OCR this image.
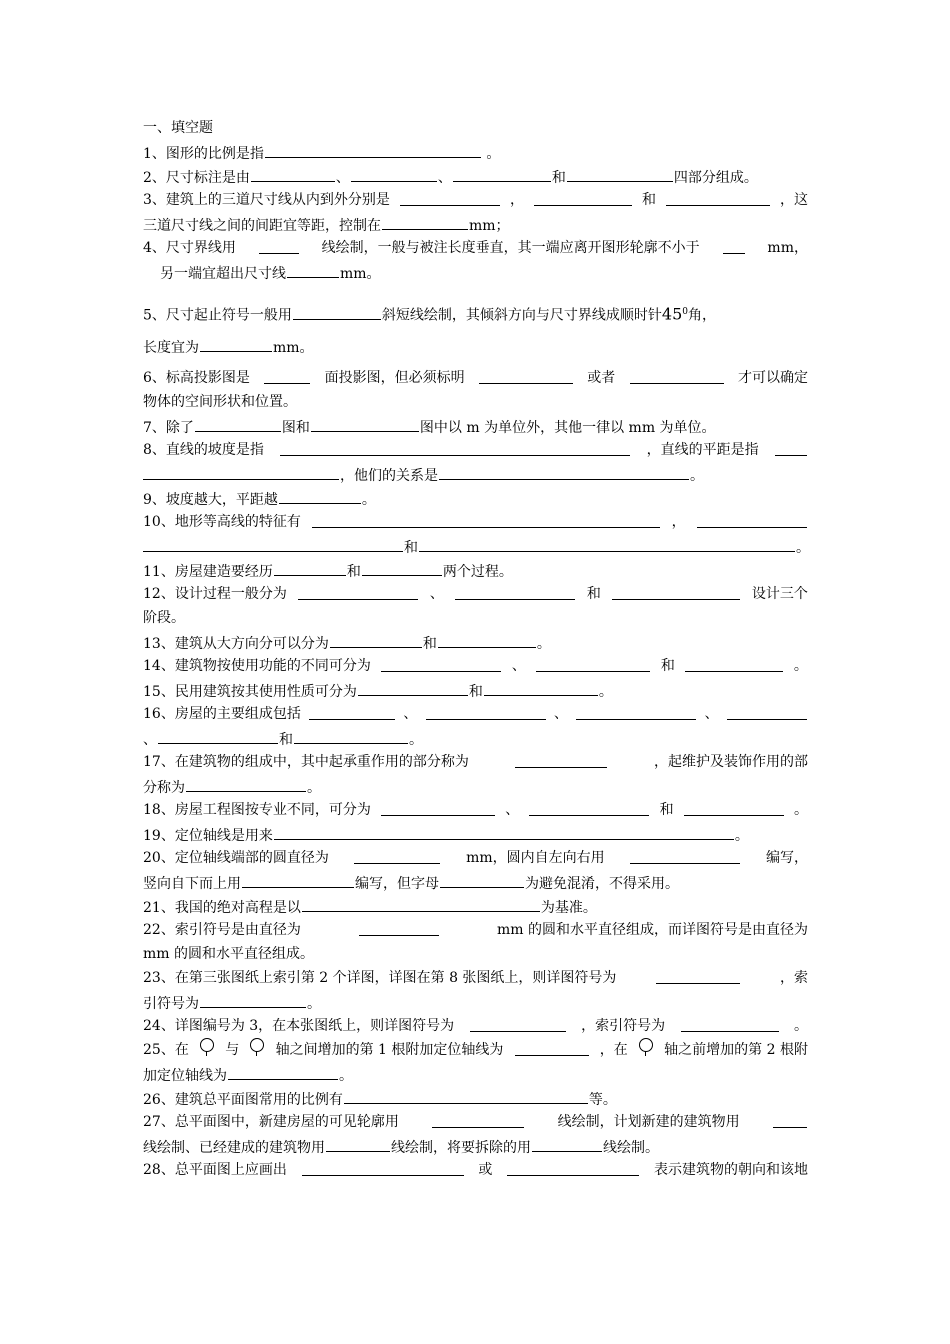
一、填空题
1、图形的比例是指	。
2、尺寸标注是由	、	、	和	四部分组成。
3、建筑上的三道尺寸线从内到外分别是	，	和	，这
三道尺寸线之间的间距宜等距，控制在	mm；
4、尺寸界线用	线绘制，一般与被注长度垂直，其一端应离开图形轮廓不小于	mm，
另一端宜超出尺寸线	mm。
5、尺寸起止符号一般用	斜短线绘制，其倾斜方向与尺寸界线成顺时针$45^0$角，
长度宜为	mm。
6、标高投影图是	面投影图，但必须标明	或者	才可以确定
物体的空间形状和位置。
7、除了	图和	图中以 m 为单位外，其他一律以 mm 为单位。
8、直线的坡度是指	，直线的平距是指
，他们的关系是	。
9、坡度越大，平距越	。
10、地形等高线的特征有	，
和	。
11、房屋建造要经历	和	两个过程。
12、设计过程一般分为	、	和	设计三个
阶段。
13、建筑从大方向分可以分为	和	。
14、建筑物按使用功能的不同可分为	、	和	。
15、民用建筑按其使用性质可分为	和	。
16、房屋的主要组成包括	、	、	、
、	和	。
17、在建筑物的组成中，其中起承重作用的部分称为	，起维护及装饰作用的部
分称为	。
18、房屋工程图按专业不同，可分为	、	和	。
19、定位轴线是用来	。
20、定位轴线端部的圆直径为	mm，圆内自左向右用	编写，
竖向自下而上用	编写，但字母	为避免混淆，不得采用。
21、我国的绝对高程是以	为基准。
22、索引符号是由直径为	mm 的圆和水平直径组成，而详图符号是由直径为
mm 的圆和水平直径组成。
23、在第三张图纸上索引第 2 个详图，详图在第 8 张图纸上，则详图符号为	，索
引符号为	。
24、详图编号为 3，在本张图纸上，则详图符号为	，索引符号为	。
25、在	与	轴之间增加的第 1 根附加定位轴线为	，在	轴之前增加的第 2 根附
加定位轴线为	。
26、建筑总平面图常用的比例有	等。
27、总平面图中，新建房屋的可见轮廓用	线绘制，计划新建的建筑物用
线绘制、已经建成的建筑物用	线绘制，将要拆除的用	线绘制。
28、总平面图上应画出	或	表示建筑物的朝向和该地
